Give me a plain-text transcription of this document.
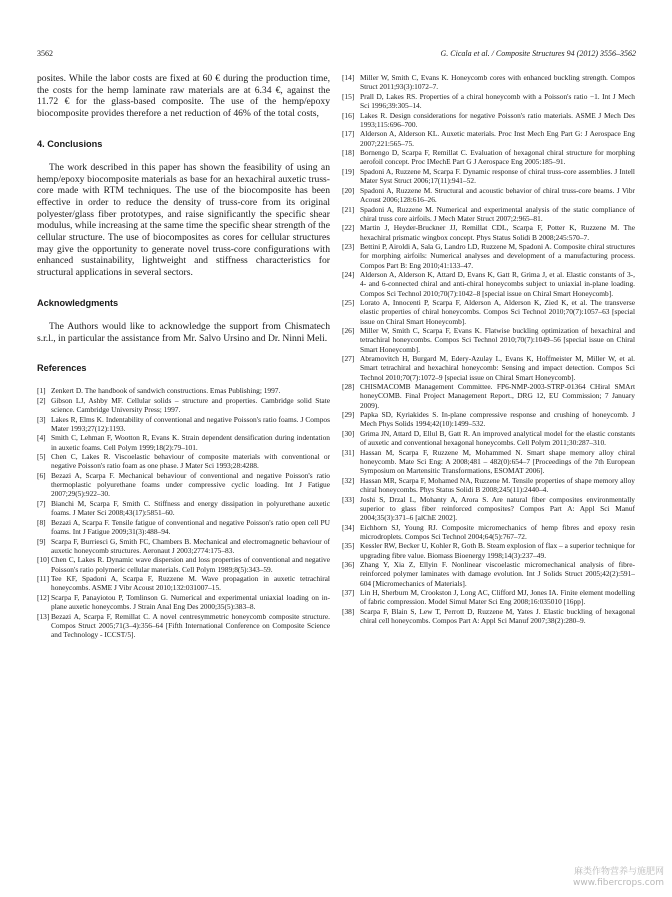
3562	G. Cicala et al. / Composite Structures 94 (2012) 3556–3562

posites. While the labor costs are fixed at 60 € during the production time, the costs for the hemp laminate raw materials are at 6.34 €, against the 11.72 € for the glass-based composite. The use of the hemp/epoxy biocomposite provides therefore a net reduction of 46% of the total costs,

4. Conclusions

The work described in this paper has shown the feasibility of using an hemp/epoxy biocomposite materials as base for an hexachiral auxetic truss-core made with RTM techniques. The use of the biocomposite has been effective in order to reduce the density of truss-core from its original polyester/glass fiber prototypes, and raise significantly the specific shear modulus, while increasing at the same time the specific shear strength of the cellular structure. The use of biocomposites as cores for cellular structures may give the opportunity to generate novel truss-core configurations with enhanced sustainability, lightweight and stiffness characteristics for structural applications in several sectors.

Acknowledgments

The Authors would like to acknowledge the support from Chismatech s.r.l., in particular the assistance from Mr. Salvo Ursino and Dr. Ninni Meli.

References
[1] Zenkert D. The handbook of sandwich constructions. Emas Publishing; 1997.
[2] Gibson LJ, Ashby MF. Cellular solids – structure and properties. Cambridge solid State science. Cambridge University Press; 1997.
[3] Lakes R, Elms K. Indentability of conventional and negative Poisson's ratio foams. J Compos Mater 1993;27(12):1193.
[4] Smith C, Lehman F, Wootton R, Evans K. Strain dependent densification during indentation in auxetic foams. Cell Polym 1999;18(2):79–101.
[5] Chen C, Lakes R. Viscoelastic behaviour of composite materials with conventional or negative Poisson's ratio foam as one phase. J Mater Sci 1993;28:4288.
[6] Bezazi A, Scarpa F. Mechanical behaviour of conventional and negative Poisson's ratio thermoplastic polyurethane foams under compressive cyclic loading. Int J Fatigue 2007;29(5):922–30.
[7] Bianchi M, Scarpa F, Smith C. Stiffness and energy dissipation in polyurethane auxetic foams. J Mater Sci 2008;43(17):5851–60.
[8] Bezazi A, Scarpa F. Tensile fatigue of conventional and negative Poisson's ratio open cell PU foams. Int J Fatigue 2009;31(3):488–94.
[9] Scarpa F, Burriesci G, Smith FC, Chambers B. Mechanical and electromagnetic behaviour of auxetic honeycomb structures. Aeronaut J 2003;2774:175–83.
[10] Chen C, Lakes R. Dynamic wave dispersion and loss properties of conventional and negative Poisson's ratio polymeric cellular materials. Cell Polym 1989;8(5):343–59.
[11] Tee KF, Spadoni A, Scarpa F, Ruzzene M. Wave propagation in auxetic tetrachiral honeycombs. ASME J Vibr Acoust 2010;132:031007–15.
[12] Scarpa F, Panayiotou P, Tomlinson G. Numerical and experimental uniaxial loading on in-plane auxetic honeycombs. J Strain Anal Eng Des 2000;35(5):383–8.
[13] Bezazi A, Scarpa F, Remillat C. A novel centresymmetric honeycomb composite structure. Compos Struct 2005;71(3–4):356–64 [Fifth International Conference on Composite Science and Technology - ICCST/5].
[14] Miller W, Smith C, Evans K. Honeycomb cores with enhanced buckling strength. Compos Struct 2011;93(3):1072–7.
[15] Prall D, Lakes RS. Properties of a chiral honeycomb with a Poisson's ratio −1. Int J Mech Sci 1996;39:305–14.
[16] Lakes R. Design considerations for negative Poisson's ratio materials. ASME J Mech Des 1993;115:696–700.
[17] Alderson A, Alderson KL. Auxetic materials. Proc Inst Mech Eng Part G: J Aerospace Eng 2007;221:565–75.
[18] Bornengo D, Scarpa F, Remillat C. Evaluation of hexagonal chiral structure for morphing aerofoil concept. Proc IMechE Part G J Aerospace Eng 2005:185–91.
[19] Spadoni A, Ruzzene M, Scarpa F. Dynamic response of chiral truss-core assemblies. J Intell Mater Syst Struct 2006;17(11):941–52.
[20] Spadoni A, Ruzzene M. Structural and acoustic behavior of chiral truss-core beams. J Vibr Acoust 2006;128:616–26.
[21] Spadoni A, Ruzzene M. Numerical and experimental analysis of the static compliance of chiral truss core airfoils. J Mech Mater Struct 2007;2:965–81.
[22] Martin J, Heyder-Bruckner JJ, Remillat CDL, Scarpa F, Potter K, Ruzzene M. The hexachiral prismatic wingbox concept. Phys Status Solidi B 2008;245:570–7.
[23] Bettini P, Airoldi A, Sala G, Landro LD, Ruzzene M, Spadoni A. Composite chiral structures for morphing airfoils: Numerical analyses and development of a manufacturing process. Compos Part B: Eng 2010;41:133–47.
[24] Alderson A, Alderson K, Attard D, Evans K, Gatt R, Grima J, et al. Elastic constants of 3-, 4- and 6-connected chiral and anti-chiral honeycombs subject to uniaxial in-plane loading. Compos Sci Technol 2010;70(7):1042–8 [special issue on Chiral Smart Honeycomb].
[25] Lorato A, Innocenti P, Scarpa F, Alderson A, Alderson K, Zied K, et al. The transverse elastic properties of chiral honeycombs. Compos Sci Technol 2010;70(7):1057–63 [special issue on Chiral Smart Honeycomb].
[26] Miller W, Smith C, Scarpa F, Evans K. Flatwise buckling optimization of hexachiral and tetrachiral honeycombs. Compos Sci Technol 2010;70(7):1049–56 [special issue on Chiral Smart Honeycomb].
[27] Abramovitch H, Burgard M, Edery-Azulay L, Evans K, Hoffmeister M, Miller W, et al. Smart tetrachiral and hexachiral honeycomb: Sensing and impact detection. Compos Sci Technol 2010;70(7):1072–9 [special issue on Chiral Smart Honeycomb].
[28] CHISMACOMB Management Committee. FP6-NMP-2003-STRP-01364 CHiral SMArt honeyCOMB. Final Project Management Report., DRG 12, EU Commission; 7 January 2009).
[29] Papka SD, Kyriakides S. In-plane compressive response and crushing of honeycomb. J Mech Phys Solids 1994;42(10):1499–532.
[30] Grima JN, Attard D, Ellul B, Gatt R. An improved analytical model for the elastic constants of auxetic and conventional hexagonal honeycombs. Cell Polym 2011;30:287–310.
[31] Hassan M, Scarpa F, Ruzzene M, Mohammed N. Smart shape memory alloy chiral honeycomb. Mate Sci Eng: A 2008;481 – 482(0):654–7 [Proceedings of the 7th European Symposium on Martensitic Transformations, ESOMAT 2006].
[32] Hassan MR, Scarpa F, Mohamed NA, Ruzzene M. Tensile properties of shape memory alloy chiral honeycombs. Phys Status Solidi B 2008;245(11):2440–4.
[33] Joshi S, Drzal L, Mohanty A, Arora S. Are natural fiber composites environmentally superior to glass fiber reinforced composites? Compos Part A: Appl Sci Manuf 2004;35(3):371–6 [alChE 2002].
[34] Eichhorn SJ, Young RJ. Composite micromechanics of hemp fibres and epoxy resin microdroplets. Compos Sci Technol 2004;64(5):767–72.
[35] Kessler RW, Becker U, Kohler R, Goth B. Steam explosion of flax – a superior technique for upgrading fibre value. Biomass Bioenergy 1998;14(3):237–49.
[36] Zhang Y, Xia Z, Ellyin F. Nonlinear viscoelastic micromechanical analysis of fibre-reinforced polymer laminates with damage evolution. Int J Solids Struct 2005;42(2):591–604 [Micromechanics of Materials].
[37] Lin H, Sherburn M, Crookston J, Long AC, Clifford MJ, Jones IA. Finite element modelling of fabric compression. Model Simul Mater Sci Eng 2008;16:035010 [16pp].
[38] Scarpa F, Blain S, Lew T, Perrott D, Ruzzene M, Yates J. Elastic buckling of hexagonal chiral cell honeycombs. Compos Part A: Appl Sci Manuf 2007;38(2):280–9.
麻类作物营养与施肥网
www.fibercrops.com
